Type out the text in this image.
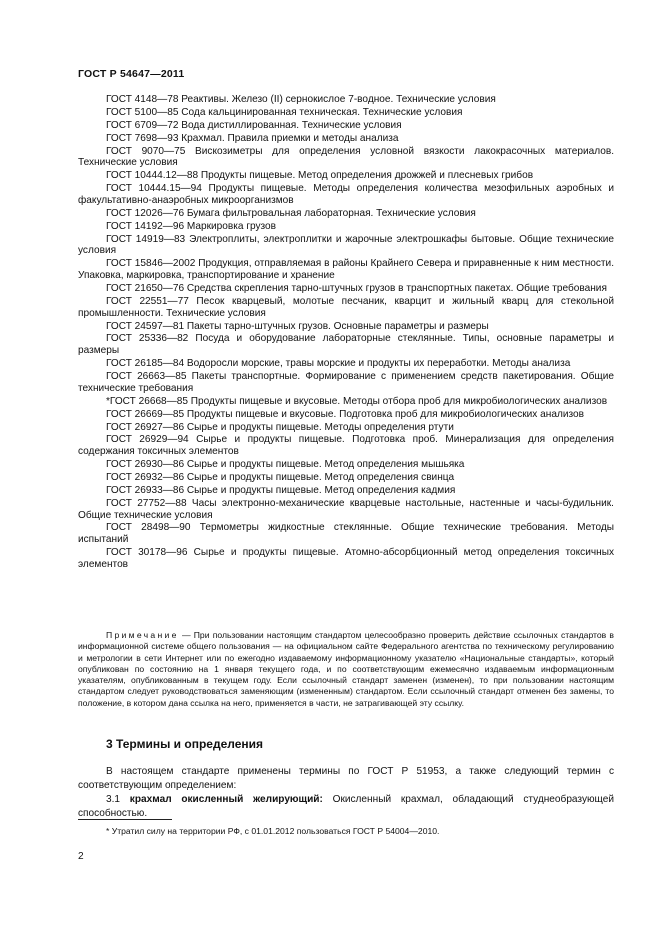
ГОСТ Р 54647—2011

ГОСТ 4148—78 Реактивы. Железо (II) сернокислое 7-водное. Технические условия

ГОСТ 5100—85 Сода кальцинированная техническая. Технические условия

ГОСТ 6709—72 Вода дистиллированная. Технические условия

ГОСТ 7698—93 Крахмал. Правила приемки и методы анализа

ГОСТ 9070—75 Вискозиметры для определения условной вязкости лакокрасочных материалов. Технические условия

ГОСТ 10444.12—88 Продукты пищевые. Метод определения дрожжей и плесневых грибов

ГОСТ 10444.15—94 Продукты пищевые. Методы определения количества мезофильных аэробных и факультативно-анаэробных микроорганизмов

ГОСТ 12026—76 Бумага фильтровальная лабораторная. Технические условия

ГОСТ 14192—96 Маркировка грузов

ГОСТ 14919—83 Электроплиты, электроплитки и жарочные электрошкафы бытовые. Общие технические условия

ГОСТ 15846—2002 Продукция, отправляемая в районы Крайнего Севера и приравненные к ним местности. Упаковка, маркировка, транспортирование и хранение

ГОСТ 21650—76 Средства скрепления тарно-штучных грузов в транспортных пакетах. Общие требования

ГОСТ 22551—77 Песок кварцевый, молотые песчаник, кварцит и жильный кварц для стекольной промышленности. Технические условия

ГОСТ 24597—81 Пакеты тарно-штучных грузов. Основные параметры и размеры

ГОСТ 25336—82 Посуда и оборудование лабораторные стеклянные. Типы, основные параметры и размеры

ГОСТ 26185—84 Водоросли морские, травы морские и продукты их переработки. Методы анализа

ГОСТ 26663—85 Пакеты транспортные. Формирование с применением средств пакетирования. Общие технические требования

*ГОСТ 26668—85 Продукты пищевые и вкусовые. Методы отбора проб для микробиологических анализов

ГОСТ 26669—85 Продукты пищевые и вкусовые. Подготовка проб для микробиологических анализов

ГОСТ 26927—86 Сырье и продукты пищевые. Методы определения ртути

ГОСТ 26929—94 Сырье и продукты пищевые. Подготовка проб. Минерализация для определения содержания токсичных элементов

ГОСТ 26930—86 Сырье и продукты пищевые. Метод определения мышьяка

ГОСТ 26932—86 Сырье и продукты пищевые. Метод определения свинца

ГОСТ 26933—86 Сырье и продукты пищевые. Метод определения кадмия

ГОСТ 27752—88 Часы электронно-механические кварцевые настольные, настенные и часы-будильник. Общие технические условия

ГОСТ 28498—90 Термометры жидкостные стеклянные. Общие технические требования. Методы испытаний

ГОСТ 30178—96 Сырье и продукты пищевые. Атомно-абсорбционный метод определения токсичных элементов

Примечание — При пользовании настоящим стандартом целесообразно проверить действие ссылочных стандартов в информационной системе общего пользования — на официальном сайте Федерального агентства по техническому регулированию и метрологии в сети Интернет или по ежегодно издаваемому информационному указателю «Национальные стандарты», который опубликован по состоянию на 1 января текущего года, и по соответствующим ежемесячно издаваемым информационным указателям, опубликованным в текущем году. Если ссылочный стандарт заменен (изменен), то при пользовании настоящим стандартом следует руководствоваться заменяющим (измененным) стандартом. Если ссылочный стандарт отменен без замены, то положение, в котором дана ссылка на него, применяется в части, не затрагивающей эту ссылку.
3 Термины и определения

В настоящем стандарте применены термины по ГОСТ Р 51953, а также следующий термин с соответствующим определением:

3.1 крахмал окисленный желирующий: Окисленный крахмал, обладающий студнеобразующей способностью.

* Утратил силу на территории РФ, с 01.01.2012 пользоваться ГОСТ Р 54004—2010.
2
